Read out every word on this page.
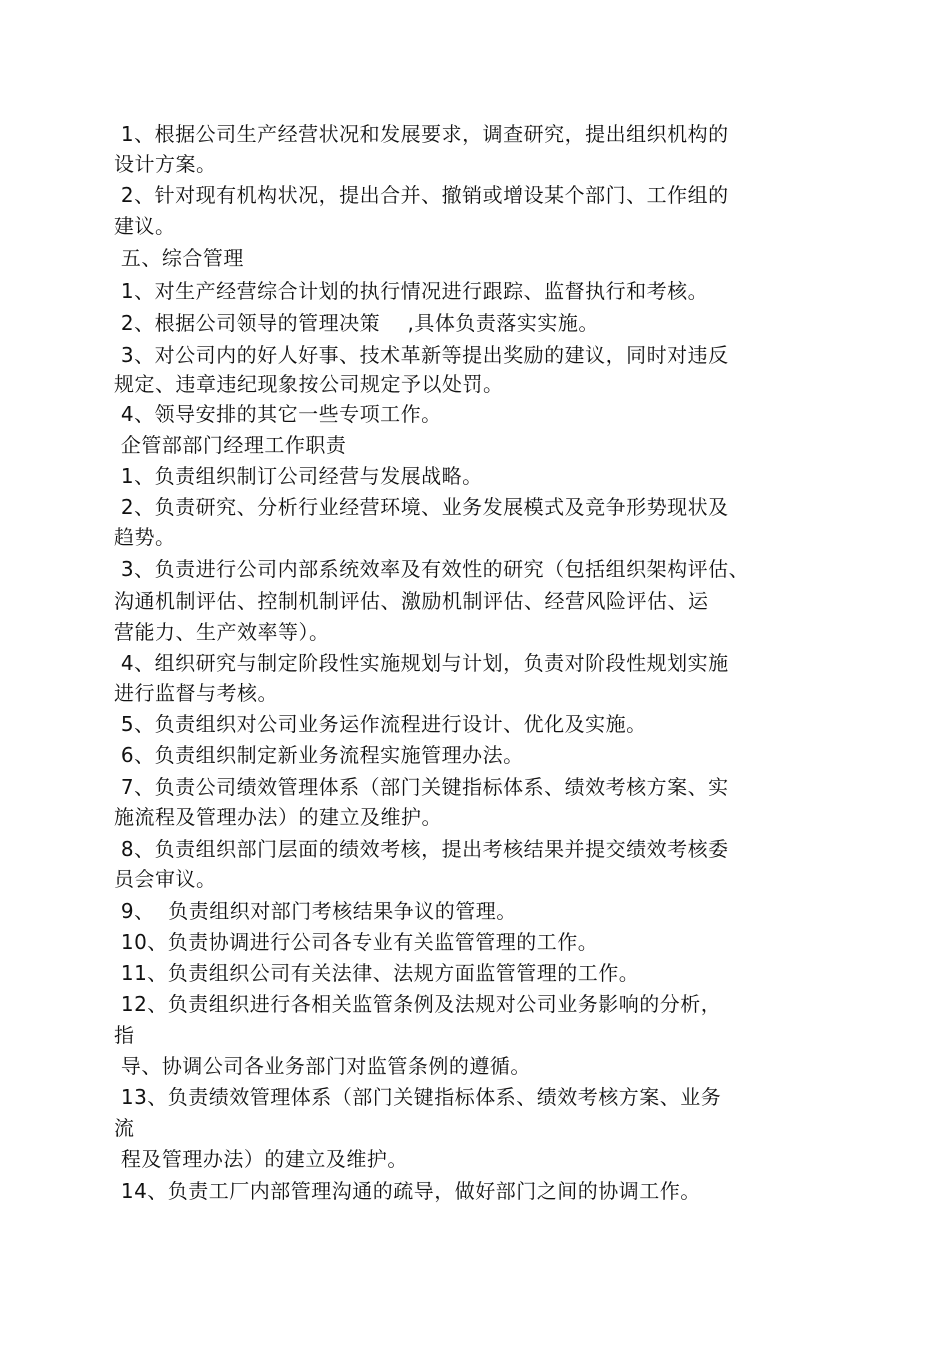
1、根据公司生产经营状况和发展要求，调查研究，提出组织机构的
设计方案。
2、针对现有机构状况，提出合并、撤销或增设某个部门、工作组的
建议。
五、综合管理
1、对生产经营综合计划的执行情况进行跟踪、监督执行和考核。
2、根据公司领导的管理决策    ,具体负责落实实施。
3、对公司内的好人好事、技术革新等提出奖励的建议，同时对违反
规定、违章违纪现象按公司规定予以处罚。
4、领导安排的其它一些专项工作。
企管部部门经理工作职责
1、负责组织制订公司经营与发展战略。
2、负责研究、分析行业经营环境、业务发展模式及竞争形势现状及
趋势。
3、负责进行公司内部系统效率及有效性的研究（包括组织架构评估、
沟通机制评估、控制机制评估、激励机制评估、经营风险评估、运
营能力、生产效率等）。
4、组织研究与制定阶段性实施规划与计划，负责对阶段性规划实施
进行监督与考核。
5、负责组织对公司业务运作流程进行设计、优化及实施。
6、负责组织制定新业务流程实施管理办法。
7、负责公司绩效管理体系（部门关键指标体系、绩效考核方案、实
施流程及管理办法）的建立及维护。
8、负责组织部门层面的绩效考核，提出考核结果并提交绩效考核委
员会审议。
9、  负责组织对部门考核结果争议的管理。
10、负责协调进行公司各专业有关监管管理的工作。
11、负责组织公司有关法律、法规方面监管管理的工作。
12、负责组织进行各相关监管条例及法规对公司业务影响的分析，
指
导、协调公司各业务部门对监管条例的遵循。
13、负责绩效管理体系（部门关键指标体系、绩效考核方案、业务
流
程及管理办法）的建立及维护。
14、负责工厂内部管理沟通的疏导，做好部门之间的协调工作。
